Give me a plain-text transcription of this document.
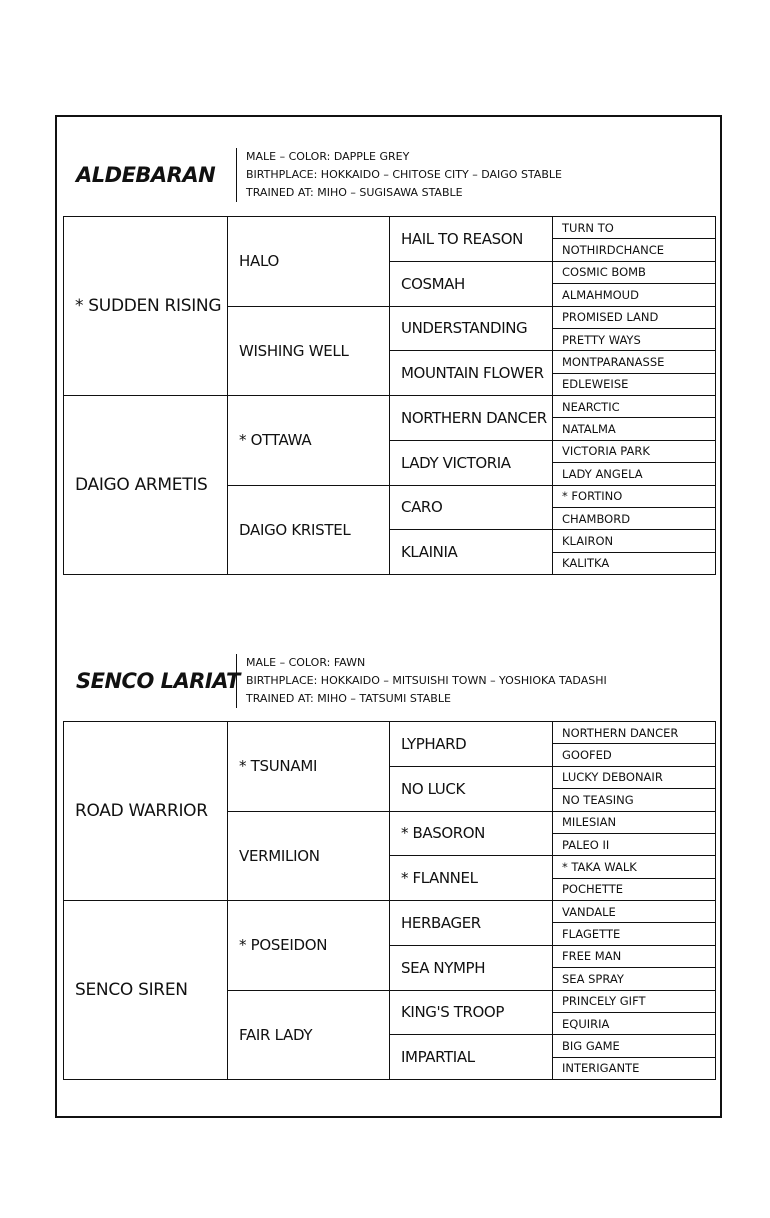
ALDEBARAN
MALE – COLOR: DAPPLE GREY
BIRTHPLACE: HOKKAIDO – CHITOSE CITY – DAIGO STABLE
TRAINED AT: MIHO – SUGISAWA STABLE
* SUDDEN RISING	HALO	HAIL TO REASON	TURN TO
			NOTHIRDCHANCE
		COSMAH	COSMIC BOMB
			ALMAHMOUD
	WISHING WELL	UNDERSTANDING	PROMISED LAND
			PRETTY WAYS
		MOUNTAIN FLOWER	MONTPARANASSE
			EDLEWEISE
DAIGO ARMETIS	* OTTAWA	NORTHERN DANCER	NEARCTIC
			NATALMA
		LADY VICTORIA	VICTORIA PARK
			LADY ANGELA
	DAIGO KRISTEL	CARO	* FORTINO
			CHAMBORD
		KLAINIA	KLAIRON
			KALITKA
SENCO LARIAT
MALE – COLOR: FAWN
BIRTHPLACE: HOKKAIDO – MITSUISHI TOWN – YOSHIOKA TADASHI
TRAINED AT: MIHO – TATSUMI STABLE
ROAD WARRIOR	* TSUNAMI	LYPHARD	NORTHERN DANCER
			GOOFED
		NO LUCK	LUCKY DEBONAIR
			NO TEASING
	VERMILION	* BASORON	MILESIAN
			PALEO II
		* FLANNEL	* TAKA WALK
			POCHETTE
SENCO SIREN	* POSEIDON	HERBAGER	VANDALE
			FLAGETTE
		SEA NYMPH	FREE MAN
			SEA SPRAY
	FAIR LADY	KING'S TROOP	PRINCELY GIFT
			EQUIRIA
		IMPARTIAL	BIG GAME
			INTERIGANTE
